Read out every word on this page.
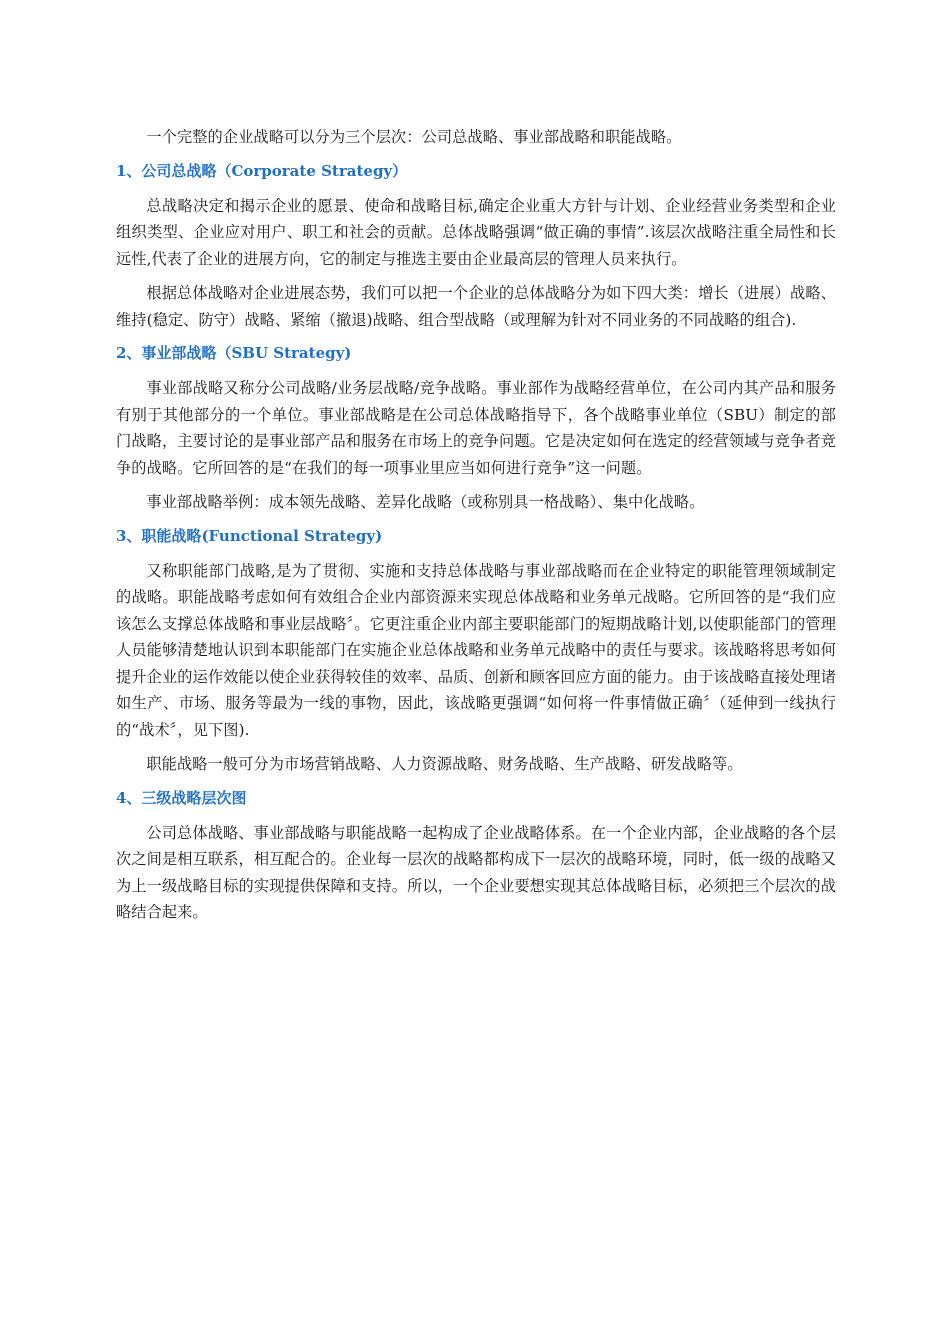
一个完整的企业战略可以分为三个层次：公司总战略、事业部战略和职能战略。

1、公司总战略（Corporate Strategy）

总战略决定和揭示企业的愿景、使命和战略目标,确定企业重大方针与计划、企业经营业务类型和企业组织类型、企业应对用户、职工和社会的贡献。总体战略强调“做正确的事情”.该层次战略注重全局性和长远性,代表了企业的进展方向，它的制定与推选主要由企业最高层的管理人员来执行。

根据总体战略对企业进展态势，我们可以把一个企业的总体战略分为如下四大类：增长（进展）战略、维持(稳定、防守）战略、紧缩（撤退)战略、组合型战略（或理解为针对不同业务的不同战略的组合).

2、事业部战略（SBU Strategy)

事业部战略又称分公司战略/业务层战略/竞争战略。事业部作为战略经营单位，在公司内其产品和服务有别于其他部分的一个单位。事业部战略是在公司总体战略指导下，各个战略事业单位（SBU）制定的部门战略，主要讨论的是事业部产品和服务在市场上的竞争问题。它是决定如何在选定的经营领域与竞争者竞争的战略。它所回答的是“在我们的每一项事业里应当如何进行竞争”这一问题。

事业部战略举例：成本领先战略、差异化战略（或称别具一格战略）、集中化战略。

3、职能战略(Functional Strategy)

又称职能部门战略,是为了贯彻、实施和支持总体战略与事业部战略而在企业特定的职能管理领域制定的战略。职能战略考虑如何有效组合企业内部资源来实现总体战略和业务单元战略。它所回答的是“我们应该怎么支撑总体战略和事业层战略〞。它更注重企业内部主要职能部门的短期战略计划,以使职能部门的管理人员能够清楚地认识到本职能部门在实施企业总体战略和业务单元战略中的责任与要求。该战略将思考如何提升企业的运作效能以使企业获得较佳的效率、品质、创新和顾客回应方面的能力。由于该战略直接处理诸如生产、市场、服务等最为一线的事物，因此，该战略更强调“如何将一件事情做正确〞（延伸到一线执行的“战术〞，见下图).

职能战略一般可分为市场营销战略、人力资源战略、财务战略、生产战略、研发战略等。

4、三级战略层次图

公司总体战略、事业部战略与职能战略一起构成了企业战略体系。在一个企业内部，企业战略的各个层次之间是相互联系，相互配合的。企业每一层次的战略都构成下一层次的战略环境，同时，低一级的战略又为上一级战略目标的实现提供保障和支持。所以，一个企业要想实现其总体战略目标，必须把三个层次的战略结合起来。
